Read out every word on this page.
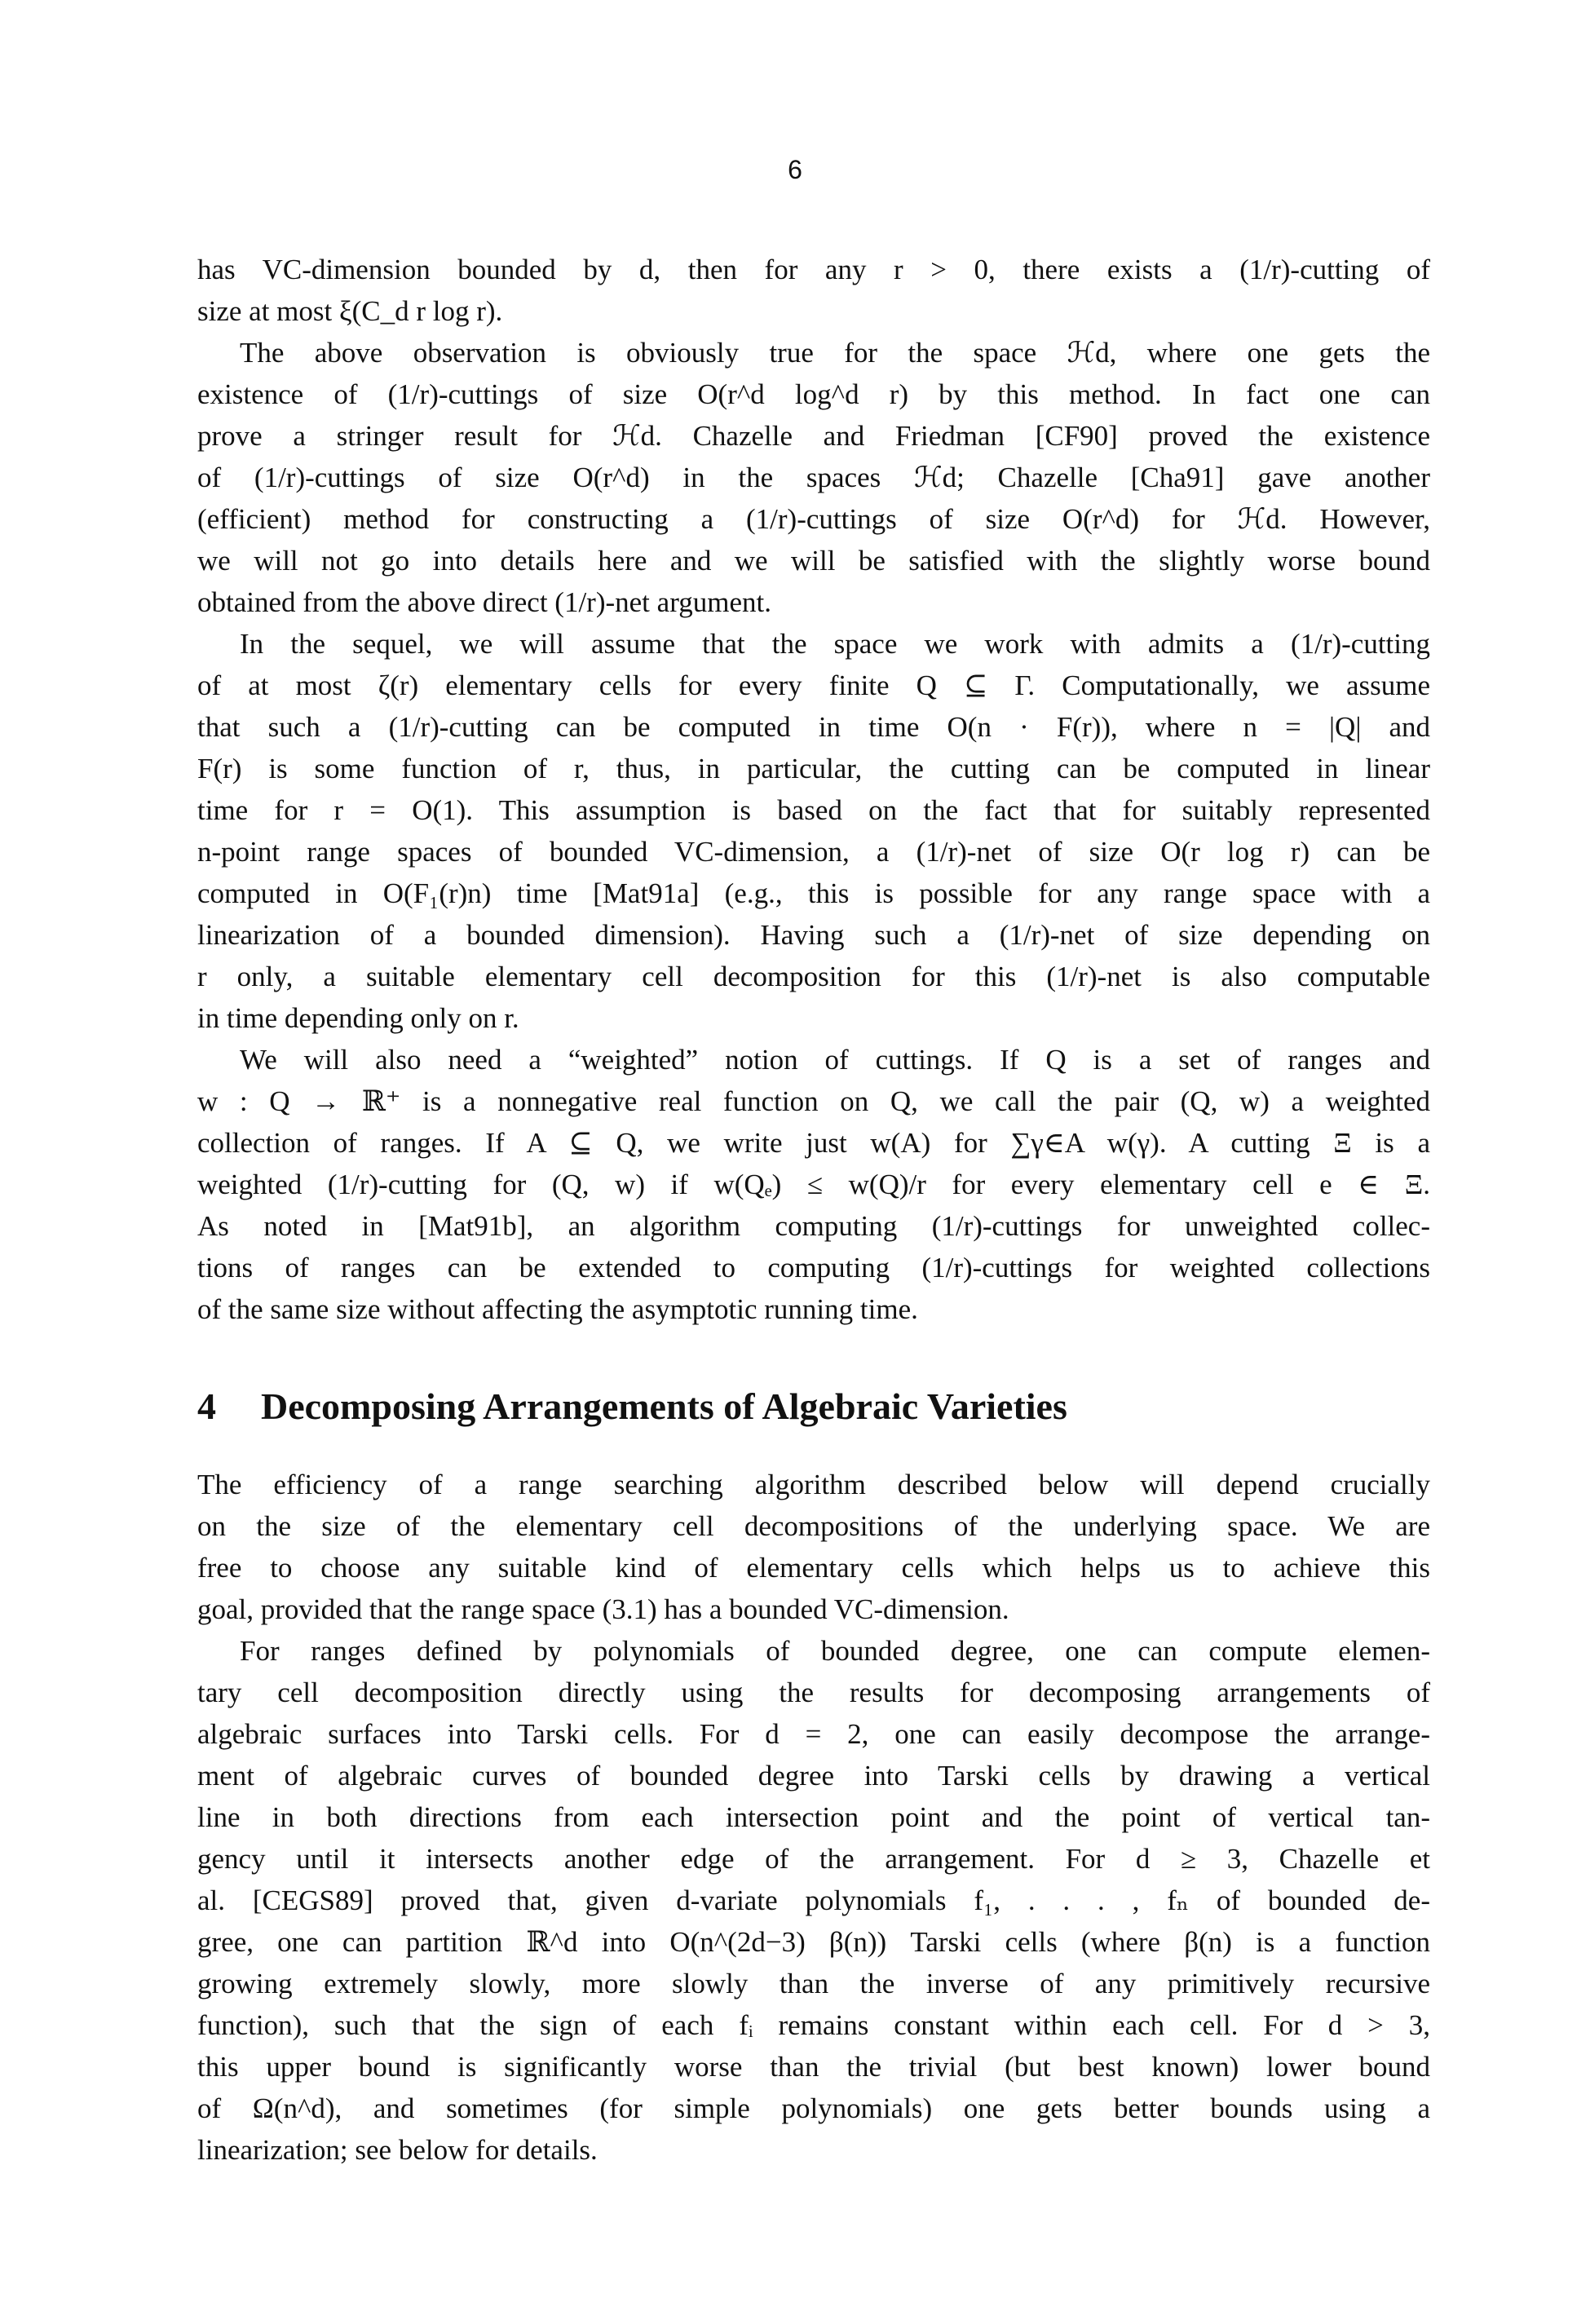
6
has VC-dimension bounded by d, then for any r > 0, there exists a (1/r)-cutting of
size at most ξ(C_d r log r).
The above observation is obviously true for the space ℋd, where one gets the
existence of (1/r)-cuttings of size O(r^d log^d r) by this method. In fact one can
prove a stringer result for ℋd. Chazelle and Friedman [CF90] proved the existence
of (1/r)-cuttings of size O(r^d) in the spaces ℋd; Chazelle [Cha91] gave another
(efficient) method for constructing a (1/r)-cuttings of size O(r^d) for ℋd. However,
we will not go into details here and we will be satisfied with the slightly worse bound
obtained from the above direct (1/r)-net argument.
In the sequel, we will assume that the space we work with admits a (1/r)-cutting
of at most ζ(r) elementary cells for every finite Q ⊆ Γ. Computationally, we assume
that such a (1/r)-cutting can be computed in time O(n · F(r)), where n = |Q| and
F(r) is some function of r, thus, in particular, the cutting can be computed in linear
time for r = O(1). This assumption is based on the fact that for suitably represented
n-point range spaces of bounded VC-dimension, a (1/r)-net of size O(r log r) can be
computed in O(F₁(r)n) time [Mat91a] (e.g., this is possible for any range space with a
linearization of a bounded dimension). Having such a (1/r)-net of size depending on
r only, a suitable elementary cell decomposition for this (1/r)-net is also computable
in time depending only on r.
We will also need a “weighted” notion of cuttings. If Q is a set of ranges and
w : Q → ℝ⁺ is a nonnegative real function on Q, we call the pair (Q, w) a weighted
collection of ranges. If A ⊆ Q, we write just w(A) for ∑γ∈A w(γ). A cutting Ξ is a
weighted (1/r)-cutting for (Q, w) if w(Qₑ) ≤ w(Q)/r for every elementary cell e ∈ Ξ.
As noted in [Mat91b], an algorithm computing (1/r)-cuttings for unweighted collec-
tions of ranges can be extended to computing (1/r)-cuttings for weighted collections
of the same size without affecting the asymptotic running time.
4 Decomposing Arrangements of Algebraic Varieties
The efficiency of a range searching algorithm described below will depend crucially
on the size of the elementary cell decompositions of the underlying space. We are
free to choose any suitable kind of elementary cells which helps us to achieve this
goal, provided that the range space (3.1) has a bounded VC-dimension.
For ranges defined by polynomials of bounded degree, one can compute elemen-
tary cell decomposition directly using the results for decomposing arrangements of
algebraic surfaces into Tarski cells. For d = 2, one can easily decompose the arrange-
ment of algebraic curves of bounded degree into Tarski cells by drawing a vertical
line in both directions from each intersection point and the point of vertical tan-
gency until it intersects another edge of the arrangement. For d ≥ 3, Chazelle et
al. [CEGS89] proved that, given d-variate polynomials f₁, . . . , fₙ of bounded de-
gree, one can partition ℝ^d into O(n^(2d−3) β(n)) Tarski cells (where β(n) is a function
growing extremely slowly, more slowly than the inverse of any primitively recursive
function), such that the sign of each fᵢ remains constant within each cell. For d > 3,
this upper bound is significantly worse than the trivial (but best known) lower bound
of Ω(n^d), and sometimes (for simple polynomials) one gets better bounds using a
linearization; see below for details.
